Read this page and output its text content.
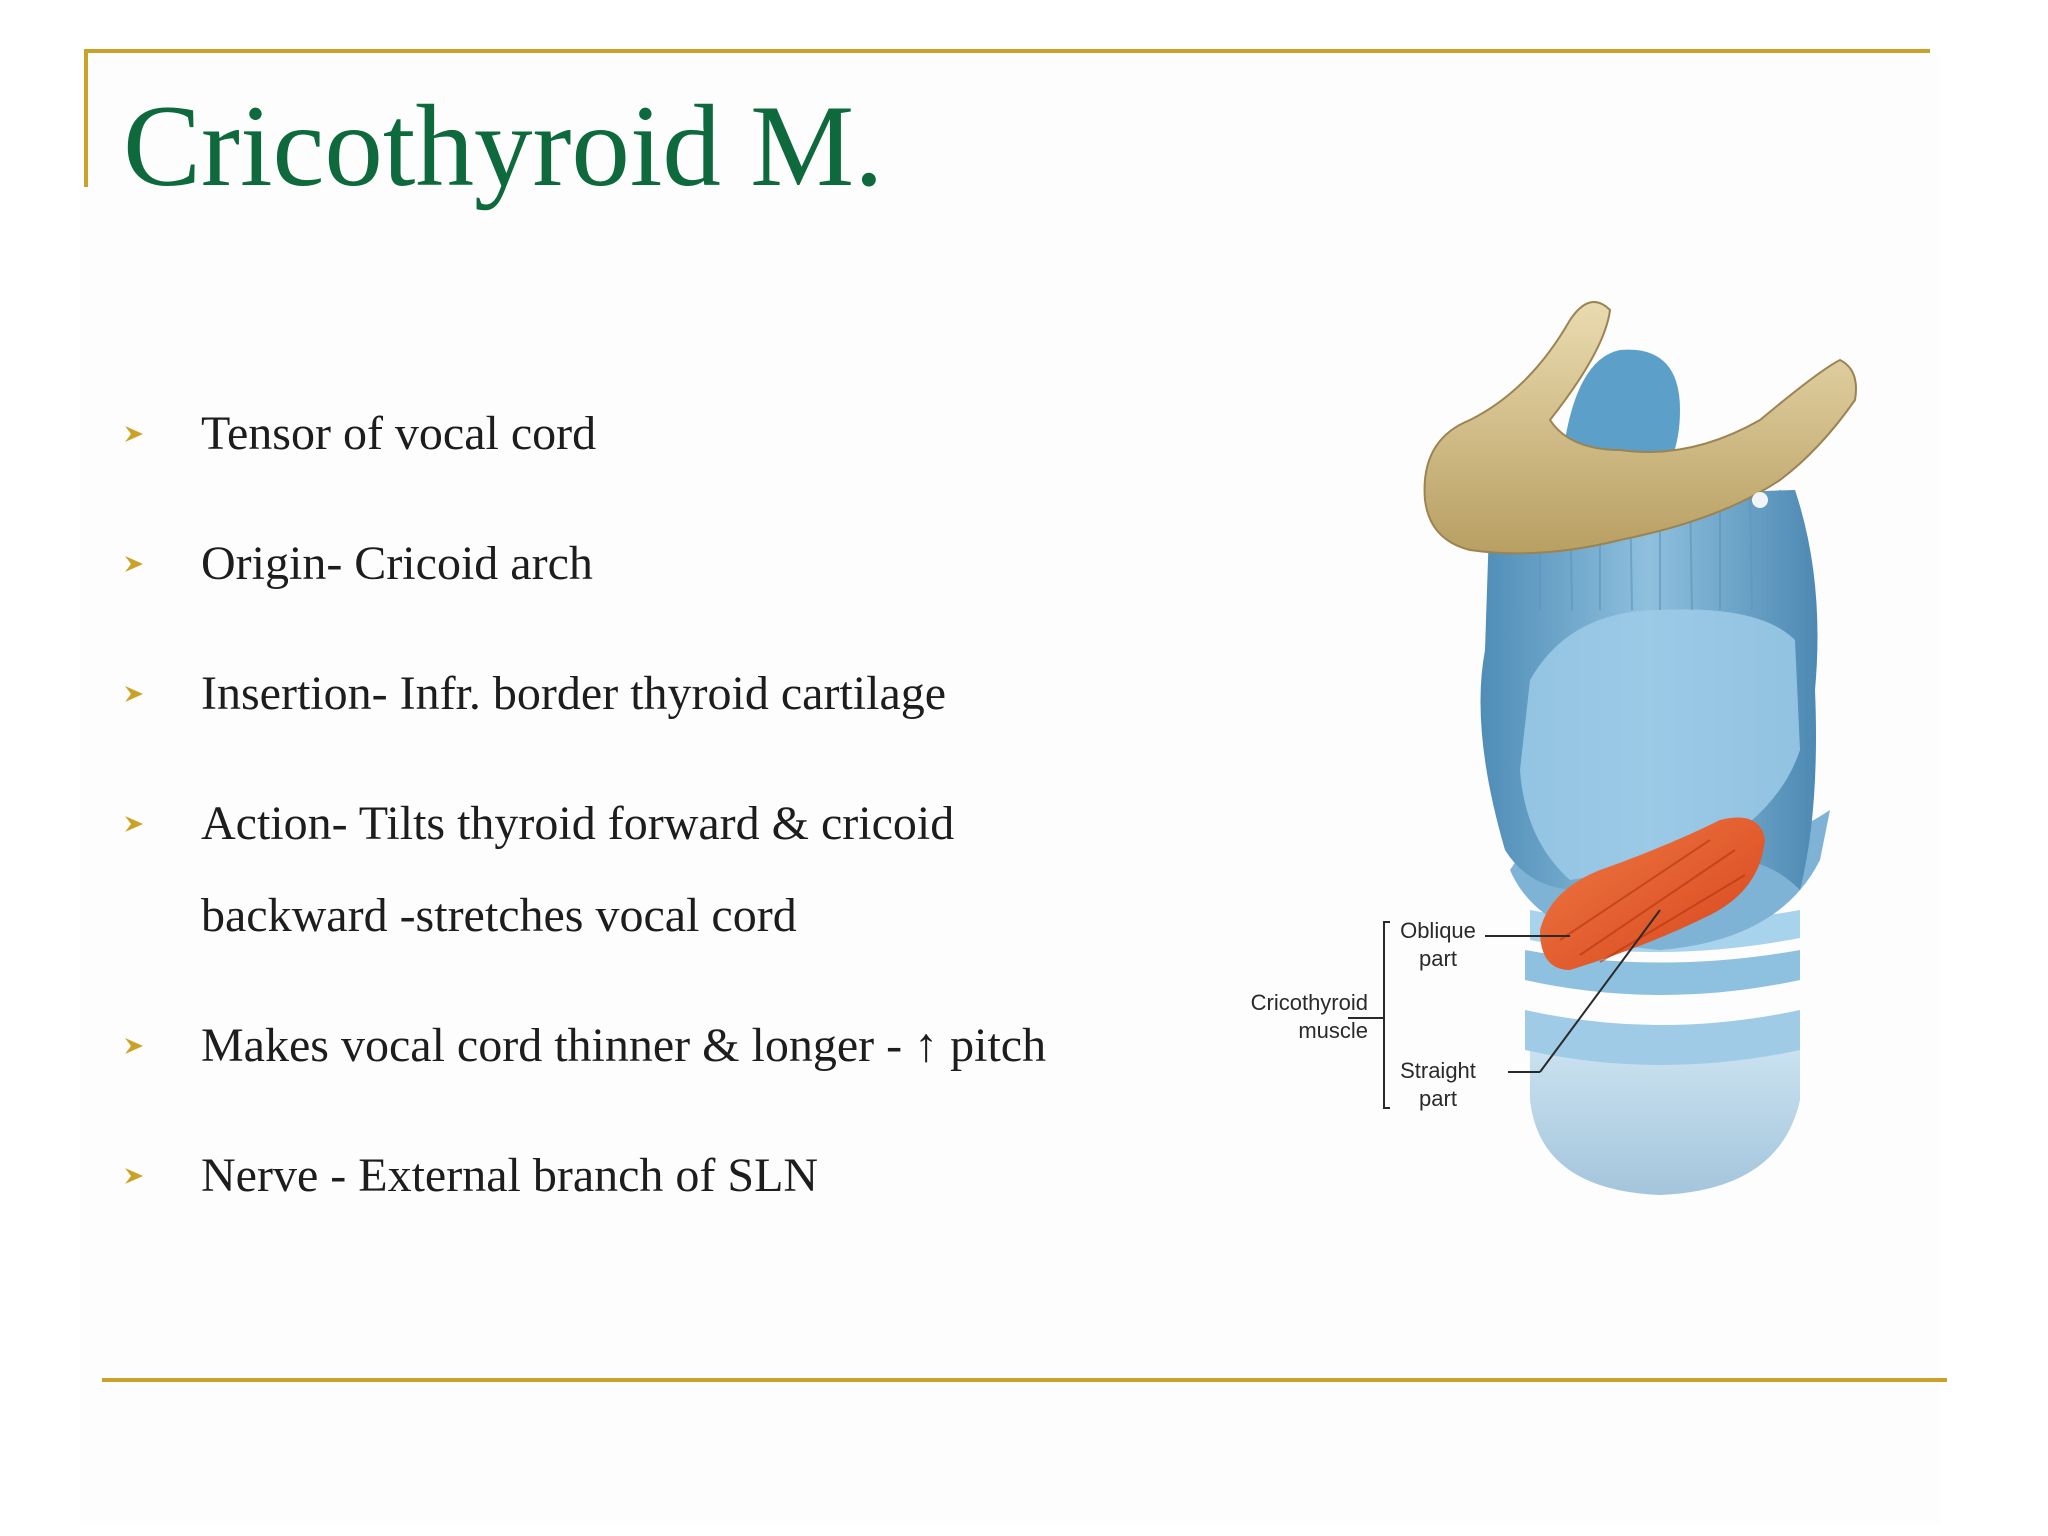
Cricothyroid M.
Tensor of vocal cord
Origin- Cricoid arch
Insertion- Infr. border thyroid cartilage
Action- Tilts thyroid forward & cricoid backward -stretches vocal cord
Makes vocal cord thinner & longer - ↑ pitch
Nerve - External branch of SLN
Oblique
part
Cricothyroid
muscle
Straight
part
